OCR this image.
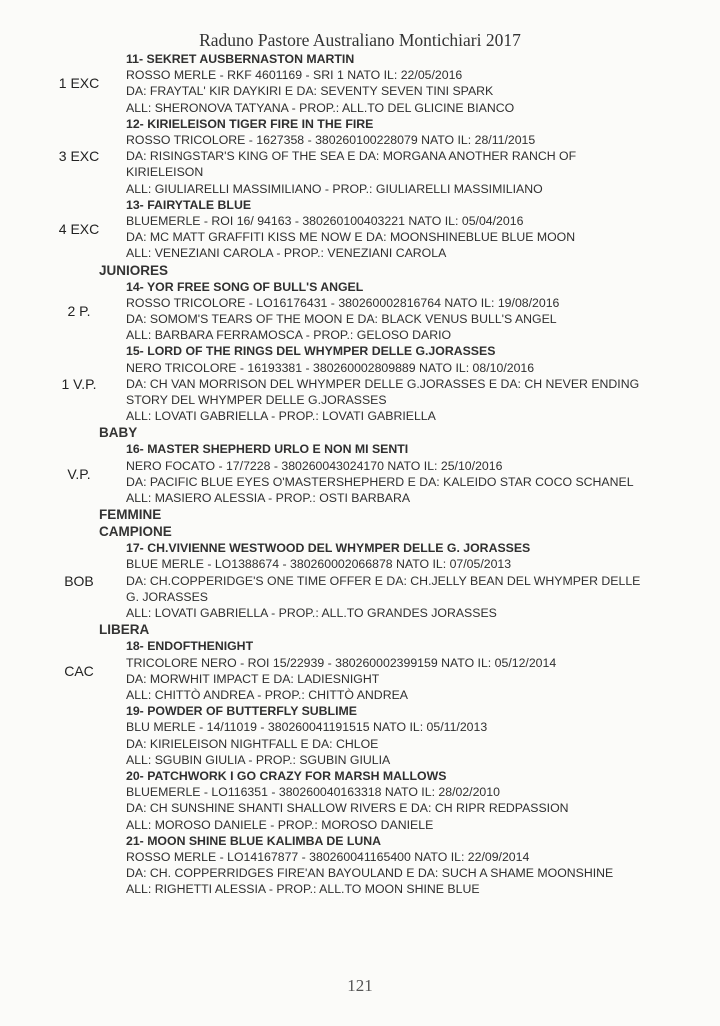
Raduno Pastore Australiano Montichiari 2017
11- SEKRET AUSBERNASTON MARTIN
ROSSO MERLE - RKF 4601169 - SRI 1 NATO IL: 22/05/2016
DA: FRAYTAL' KIR DAYKIRI E DA: SEVENTY SEVEN TINI SPARK
ALL: SHERONOVA TATYANA - PROP.: ALL.TO DEL GLICINE BIANCO
1 EXC
12- KIRIELEISON TIGER FIRE IN THE FIRE
ROSSO TRICOLORE - 1627358 - 380260100228079 NATO IL: 28/11/2015
DA: RISINGSTAR'S KING OF THE SEA E DA: MORGANA ANOTHER RANCH OF
KIRIELEISON
ALL: GIULIARELLI MASSIMILIANO - PROP.: GIULIARELLI MASSIMILIANO
3 EXC
13- FAIRYTALE BLUE
BLUEMERLE - ROI 16/ 94163 - 380260100403221 NATO IL: 05/04/2016
DA: MC MATT GRAFFITI KISS ME NOW E DA: MOONSHINEBLUE BLUE MOON
ALL: VENEZIANI CAROLA - PROP.: VENEZIANI CAROLA
4 EXC
JUNIORES
14- YOR FREE SONG OF BULL'S ANGEL
ROSSO TRICOLORE - LO16176431 - 380260002816764 NATO IL: 19/08/2016
DA: SOMOM'S TEARS OF THE MOON E DA: BLACK VENUS BULL'S ANGEL
ALL: BARBARA FERRAMOSCA - PROP.: GELOSO DARIO
2 P.
15- LORD OF THE RINGS DEL WHYMPER DELLE G.JORASSES
NERO TRICOLORE - 16193381 - 380260002809889 NATO IL: 08/10/2016
DA: CH VAN MORRISON DEL WHYMPER DELLE G.JORASSES E DA: CH NEVER ENDING
STORY DEL WHYMPER DELLE G.JORASSES
ALL: LOVATI GABRIELLA - PROP.: LOVATI GABRIELLA
1 V.P.
BABY
16- MASTER SHEPHERD URLO E NON MI SENTI
NERO FOCATO - 17/7228 - 380260043024170 NATO IL: 25/10/2016
DA: PACIFIC BLUE EYES O'MASTERSHEPHERD E DA: KALEIDO STAR COCO SCHANEL
ALL: MASIERO ALESSIA - PROP.: OSTI BARBARA
V.P.
FEMMINE
CAMPIONE
17- CH.VIVIENNE WESTWOOD DEL WHYMPER DELLE G. JORASSES
BLUE MERLE - LO1388674 - 380260002066878 NATO IL: 07/05/2013
DA: CH.COPPERIDGE'S ONE TIME OFFER E DA: CH.JELLY BEAN DEL WHYMPER DELLE
G. JORASSES
ALL: LOVATI GABRIELLA - PROP.: ALL.TO GRANDES JORASSES
BOB
LIBERA
18- ENDOFTHENIGHT
TRICOLORE NERO - ROI 15/22939 - 380260002399159 NATO IL: 05/12/2014
DA: MORWHIT IMPACT E DA: LADIESNIGHT
ALL: CHITTÒ ANDREA - PROP.: CHITTÒ ANDREA
CAC
19- POWDER OF BUTTERFLY SUBLIME
BLU MERLE - 14/11019 - 380260041191515 NATO IL: 05/11/2013
DA: KIRIELEISON NIGHTFALL E DA: CHLOE
ALL: SGUBIN GIULIA - PROP.: SGUBIN GIULIA
20- PATCHWORK I GO CRAZY FOR MARSH MALLOWS
BLUEMERLE - LO116351 - 380260040163318 NATO IL: 28/02/2010
DA: CH SUNSHINE SHANTI SHALLOW RIVERS E DA: CH RIPR REDPASSION
ALL: MOROSO DANIELE - PROP.: MOROSO DANIELE
21- MOON SHINE BLUE KALIMBA DE LUNA
ROSSO MERLE - LO14167877 - 380260041165400 NATO IL: 22/09/2014
DA: CH. COPPERRIDGES FIRE'AN BAYOULAND E DA: SUCH A SHAME MOONSHINE
ALL: RIGHETTI ALESSIA - PROP.: ALL.TO MOON SHINE BLUE
121
